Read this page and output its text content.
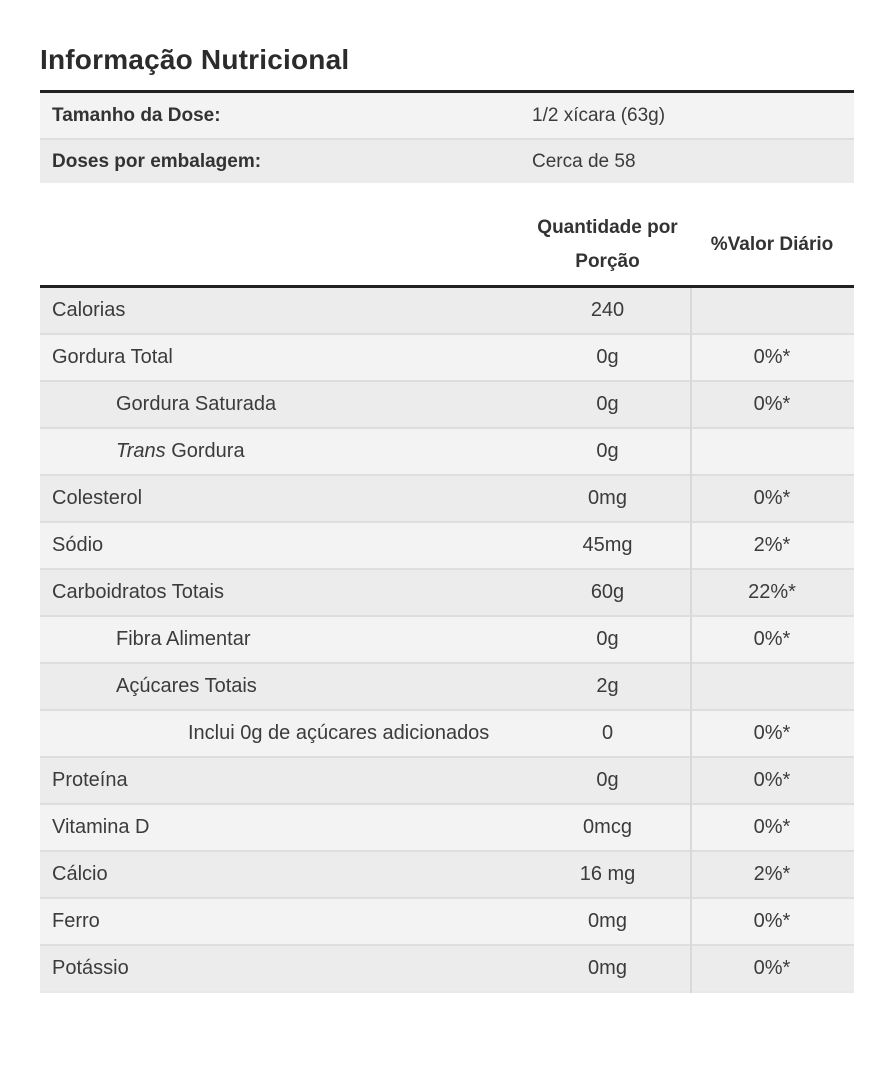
Informação Nutricional
Tamanho da Dose:	1/2 xícara (63g)
Doses por embalagem:	Cerca de 58
Quantidade por
Porção
%Valor Diário
Calorias	240
Gordura Total	0g	0%*
Gordura Saturada	0g	0%*
Trans Gordura	0g
Colesterol	0mg	0%*
Sódio	45mg	2%*
Carboidratos Totais	60g	22%*
Fibra Alimentar	0g	0%*
Açúcares Totais	2g
Inclui 0g de açúcares adicionados	0	0%*
Proteína	0g	0%*
Vitamina D	0mcg	0%*
Cálcio	16 mg	2%*
Ferro	0mg	0%*
Potássio	0mg	0%*
